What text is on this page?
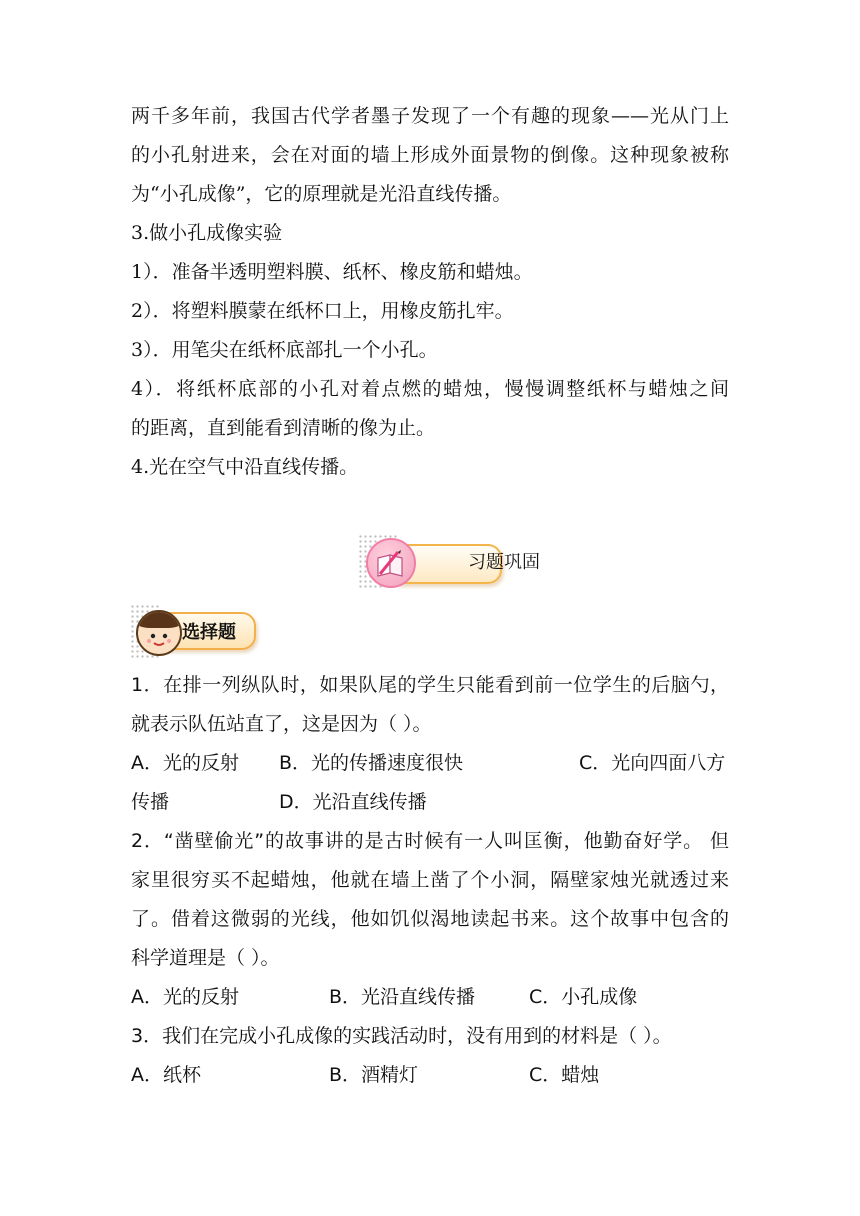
两千多年前，我国古代学者墨子发现了一个有趣的现象——光从门上
的小孔射进来，会在对面的墙上形成外面景物的倒像。这种现象被称
为“小孔成像”，它的原理就是光沿直线传播。
3.做小孔成像实验
1）．准备半透明塑料膜、纸杯、橡皮筋和蜡烛。
2）．将塑料膜蒙在纸杯口上，用橡皮筋扎牢。
3）．用笔尖在纸杯底部扎一个小孔。
4）．将纸杯底部的小孔对着点燃的蜡烛，慢慢调整纸杯与蜡烛之间
的距离，直到能看到清晰的像为止。
4.光在空气中沿直线传播。
习题巩固
选择题
1．在排一列纵队时，如果队尾的学生只能看到前一位学生的后脑勺，
就表示队伍站直了，这是因为（ ）。
A．光的反射	B．光的传播速度很快	C．光向四面八方
传播	D．光沿直线传播
2．“凿壁偷光”的故事讲的是古时候有一人叫匡衡，他勤奋好学。 但
家里很穷买不起蜡烛，他就在墙上凿了个小洞，隔壁家烛光就透过来
了。借着这微弱的光线，他如饥似渴地读起书来。这个故事中包含的
科学道理是（ ）。
A．光的反射	B．光沿直线传播	C．小孔成像
3．我们在完成小孔成像的实践活动时，没有用到的材料是（ ）。
A．纸杯	B．酒精灯	C．蜡烛
